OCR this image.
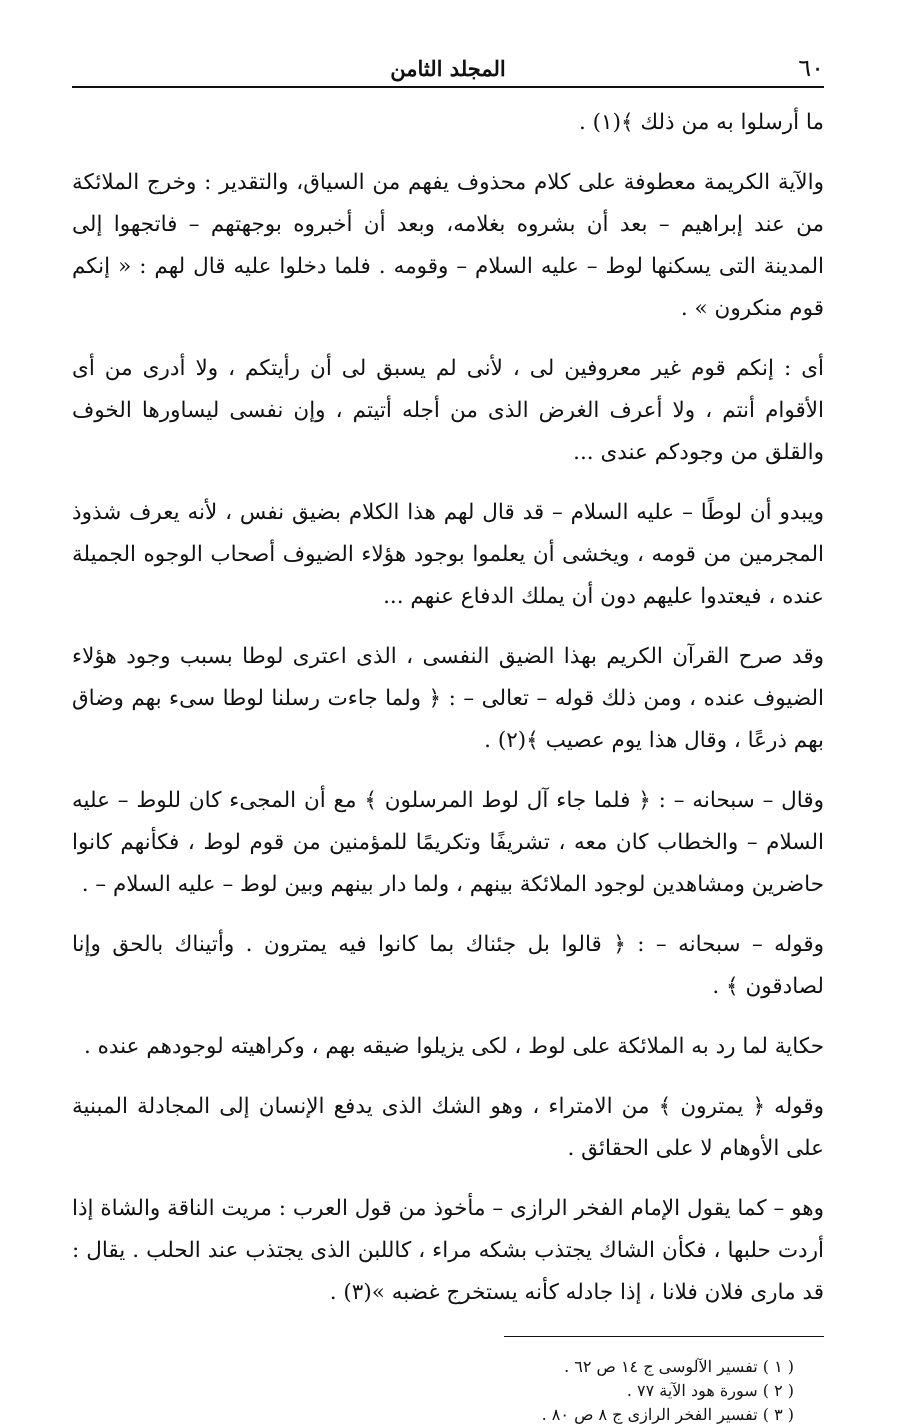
٦٠
المجلد الثامن

ما أرسلوا به من ذلك ﴾(١) .

والآية الكريمة معطوفة على كلام محذوف يفهم من السياق، والتقدير : وخرج الملائكة من عند إبراهيم – بعد أن بشروه بغلامه، وبعد أن أخبروه بوجهتهم – فاتجهوا إلى المدينة التى يسكنها لوط – عليه السلام – وقومه . فلما دخلوا عليه قال لهم : « إنكم قوم منكرون » .

أى : إنكم قوم غير معروفين لى ، لأنى لم يسبق لى أن رأيتكم ، ولا أدرى من أى الأقوام أنتم ، ولا أعرف الغرض الذى من أجله أتيتم ، وإن نفسى ليساورها الخوف والقلق من وجودكم عندى ...

ويبدو أن لوطًا – عليه السلام – قد قال لهم هذا الكلام بضيق نفس ، لأنه يعرف شذوذ المجرمين من قومه ، ويخشى أن يعلموا بوجود هؤلاء الضيوف أصحاب الوجوه الجميلة عنده ، فيعتدوا عليهم دون أن يملك الدفاع عنهم ...

وقد صرح القرآن الكريم بهذا الضيق النفسى ، الذى اعترى لوطا بسبب وجود هؤلاء الضيوف عنده ، ومن ذلك قوله – تعالى – : ﴿ ولما جاءت رسلنا لوطا سىء بهم وضاق بهم ذرعًا ، وقال هذا يوم عصيب ﴾(٢) .

وقال – سبحانه – : ﴿ فلما جاء آل لوط المرسلون ﴾ مع أن المجىء كان للوط – عليه السلام – والخطاب كان معه ، تشريفًا وتكريمًا للمؤمنين من قوم لوط ، فكأنهم كانوا حاضرين ومشاهدين لوجود الملائكة بينهم ، ولما دار بينهم وبين لوط – عليه السلام – .

وقوله – سبحانه – : ﴿ قالوا بل جئناك بما كانوا فيه يمترون . وأتيناك بالحق وإنا لصادقون ﴾ .

حكاية لما رد به الملائكة على لوط ، لكى يزيلوا ضيقه بهم ، وكراهيته لوجودهم عنده .

وقوله ﴿ يمترون ﴾ من الامتراء ، وهو الشك الذى يدفع الإنسان إلى المجادلة المبنية على الأوهام لا على الحقائق .

وهو – كما يقول الإمام الفخر الرازى – مأخوذ من قول العرب : مريت الناقة والشاة إذا أردت حلبها ، فكأن الشاك يجتذب بشكه مراء ، كاللبن الذى يجتذب عند الحلب . يقال : قد مارى فلان فلانا ، إذا جادله كأنه يستخرج غضبه »(٣) .

( ١ ) تفسير الآلوسى ج ١٤ ص ٦٢ .

( ٢ ) سورة هود الآية ٧٧ .

( ٣ ) تفسير الفخر الرازى ج ٨ ص ٨٠ .
